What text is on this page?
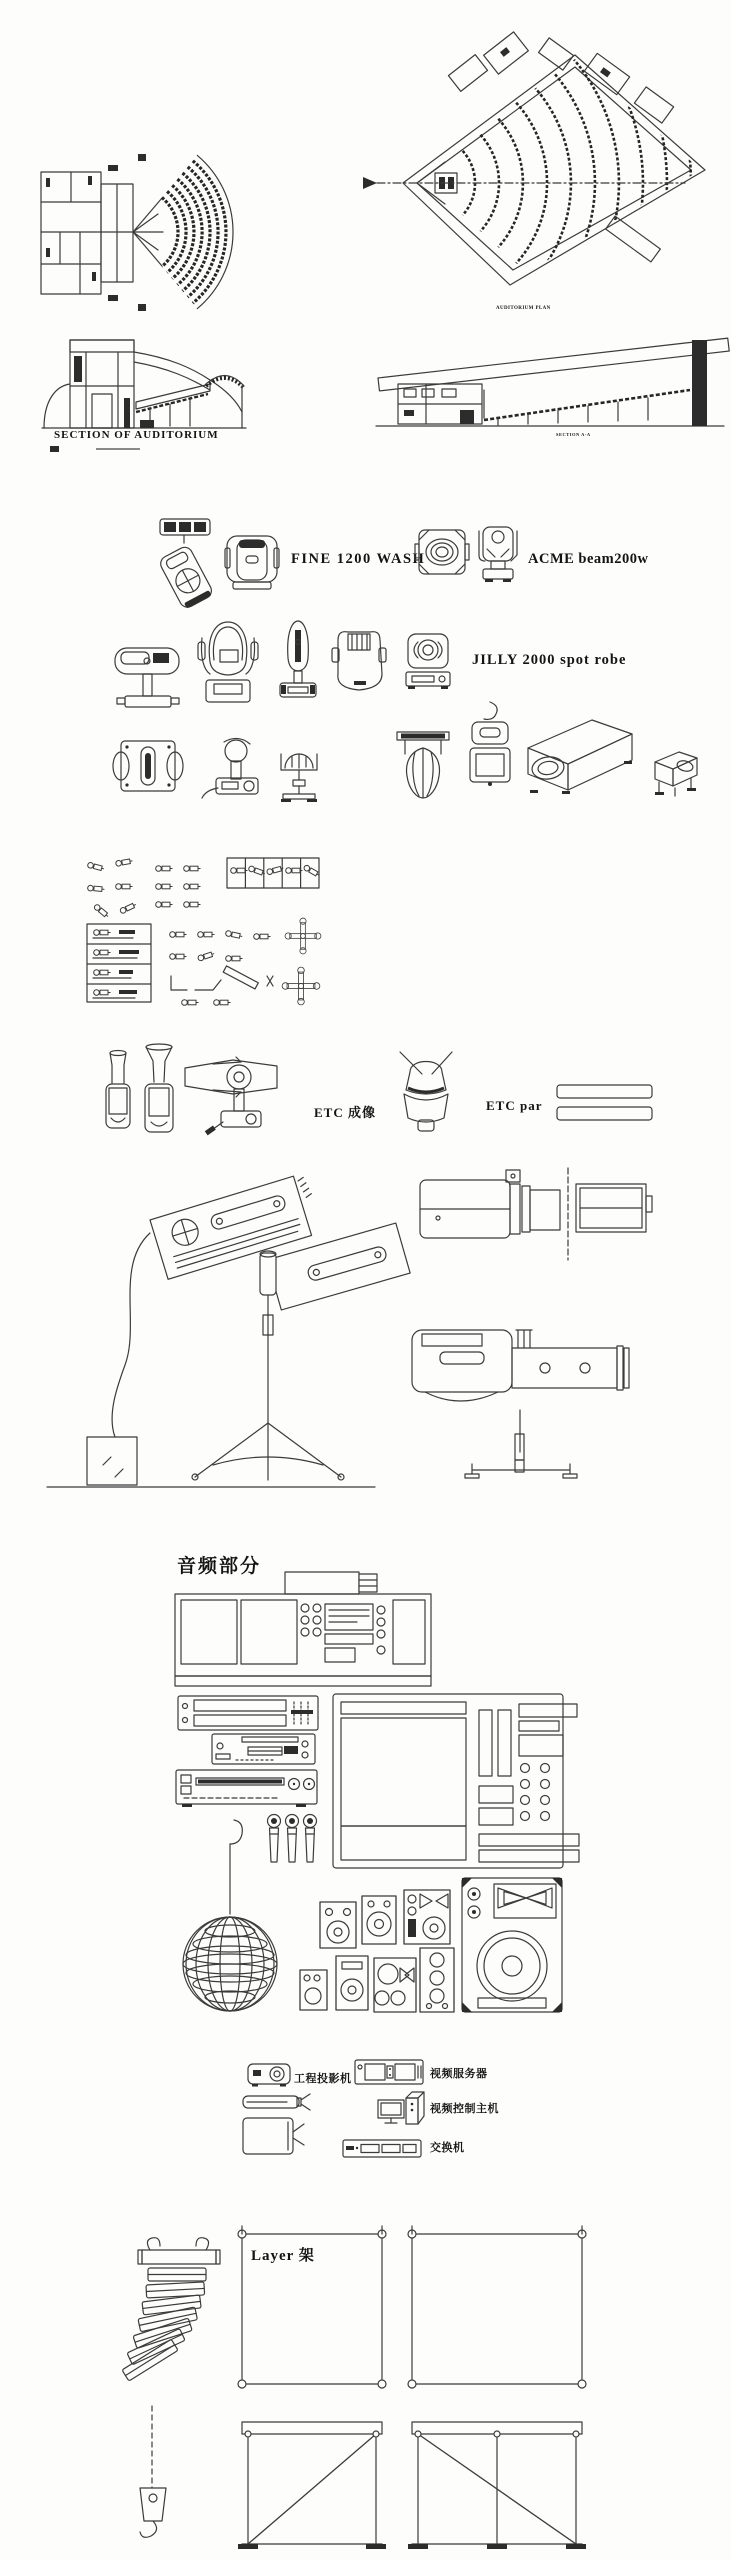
AUDITORIUM PLAN
SECTION OF AUDITORIUM	SECTION A-A
FINE 1200 WASH	ACME beam200w
JILLY 2000 spot robe
ETC 成像	ETC par
音频部分
工程投影机	视频服务器
视频控制主机
交换机
Layer 架
